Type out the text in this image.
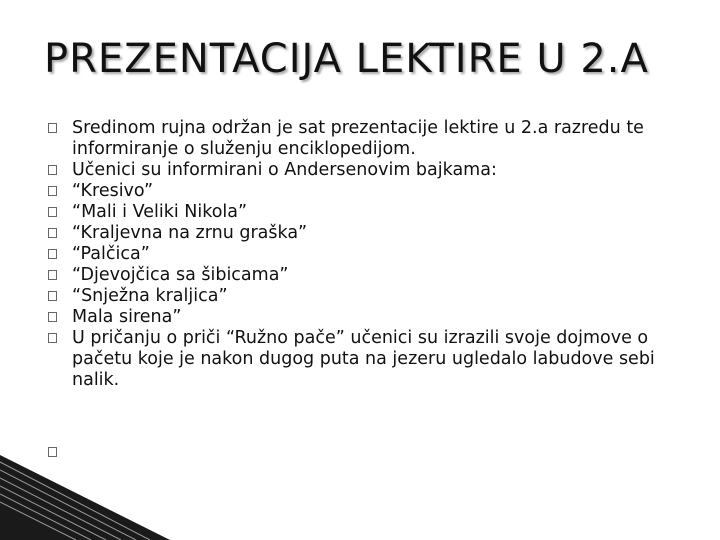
PREZENTACIJA LEKTIRE U 2.A
Sredinom rujna održan je sat prezentacije lektire u 2.a razredu te informiranje o služenju enciklopedijom.
Učenici su informirani o Andersenovim bajkama:
“Kresivo”
“Mali i Veliki Nikola”
“Kraljevna na zrnu graška”
“Palčica”
“Djevojčica sa šibicama”
“Snježna kraljica”
Mala sirena”
U pričanju o priči “Ružno pače” učenici su izrazili svoje dojmove o pačetu koje je nakon dugog puta na jezeru ugledalo labudove sebi nalik.
